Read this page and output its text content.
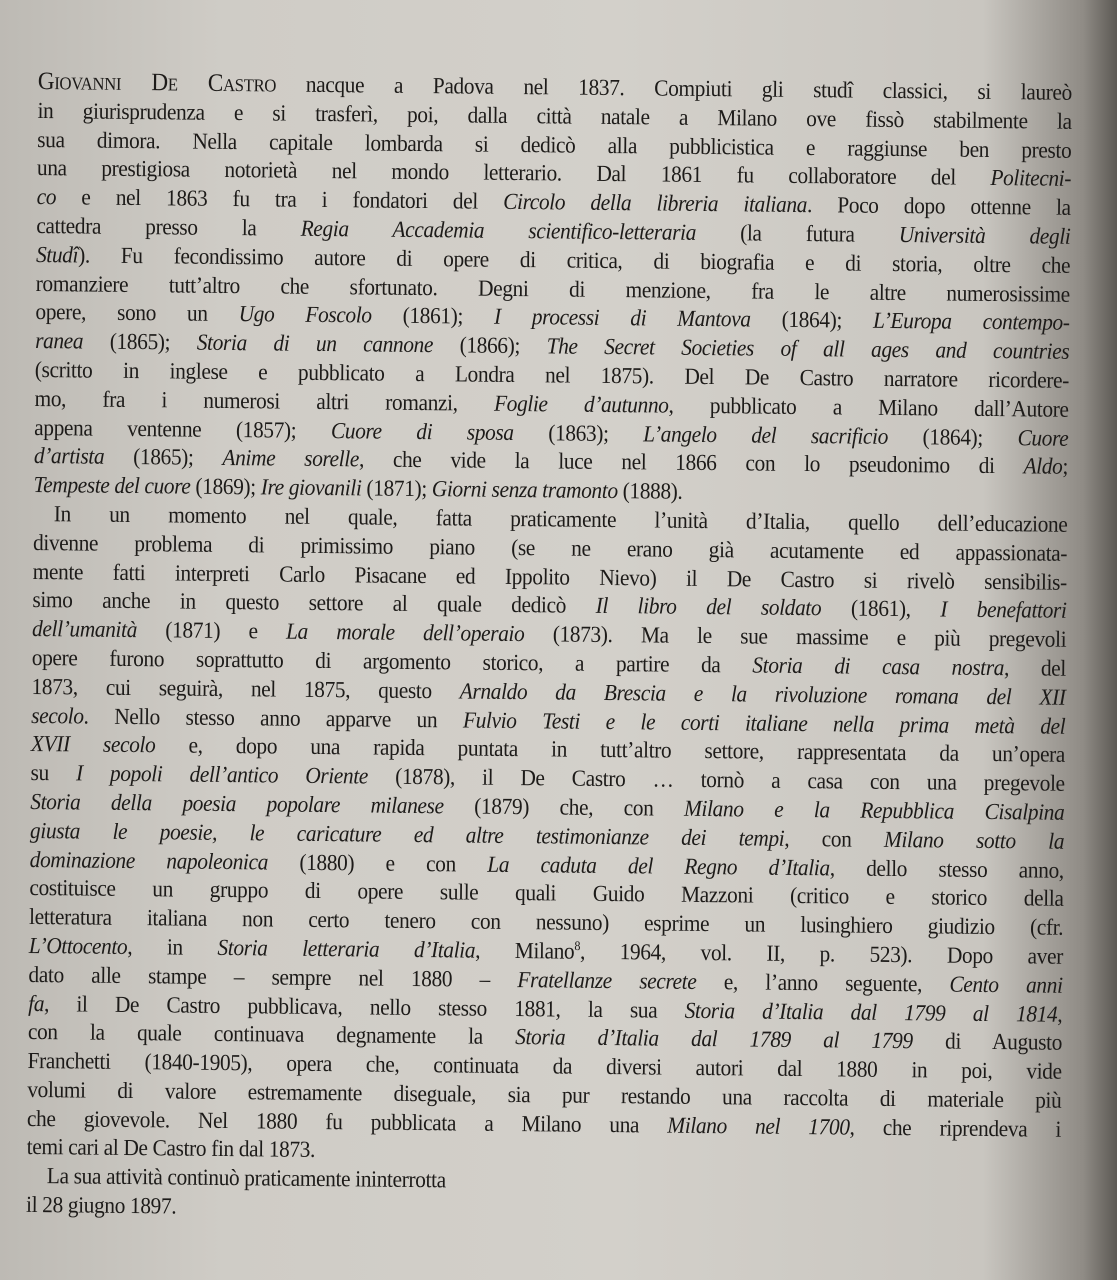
Giovanni De Castro nacque a Padova nel 1837. Compiuti gli studî classici, si laureò
in giurisprudenza e si trasferì, poi, dalla città natale a Milano ove fissò stabilmente la
sua dimora. Nella capitale lombarda si dedicò alla pubblicistica e raggiunse ben presto
una prestigiosa notorietà nel mondo letterario. Dal 1861 fu collaboratore del Politecni-
co e nel 1863 fu tra i fondatori del Circolo della libreria italiana. Poco dopo ottenne la
cattedra presso la Regia Accademia scientifico-letteraria (la futura Università degli
Studî). Fu fecondissimo autore di opere di critica, di biografia e di storia, oltre che
romanziere tutt’altro che sfortunato. Degni di menzione, fra le altre numerosissime
opere, sono un Ugo Foscolo (1861); I processi di Mantova (1864); L’Europa contempo-
ranea (1865); Storia di un cannone (1866); The Secret Societies of all ages and countries
(scritto in inglese e pubblicato a Londra nel 1875). Del De Castro narratore ricordere-
mo, fra i numerosi altri romanzi, Foglie d’autunno, pubblicato a Milano dall’Autore
appena ventenne (1857); Cuore di sposa (1863); L’angelo del sacrificio (1864); Cuore
d’artista (1865); Anime sorelle, che vide la luce nel 1866 con lo pseudonimo di Aldo;
Tempeste del cuore (1869); Ire giovanili (1871); Giorni senza tramonto (1888).
In un momento nel quale, fatta praticamente l’unità d’Italia, quello dell’educazione
divenne problema di primissimo piano (se ne erano già acutamente ed appassionata-
mente fatti interpreti Carlo Pisacane ed Ippolito Nievo) il De Castro si rivelò sensibilis-
simo anche in questo settore al quale dedicò Il libro del soldato (1861), I benefattori
dell’umanità (1871) e La morale dell’operaio (1873). Ma le sue massime e più pregevoli
opere furono soprattutto di argomento storico, a partire da Storia di casa nostra, del
1873, cui seguirà, nel 1875, questo Arnaldo da Brescia e la rivoluzione romana del XII
secolo. Nello stesso anno apparve un Fulvio Testi e le corti italiane nella prima metà del
XVII secolo e, dopo una rapida puntata in tutt’altro settore, rappresentata da un’opera
su I popoli dell’antico Oriente (1878), il De Castro … tornò a casa con una pregevole
Storia della poesia popolare milanese (1879) che, con Milano e la Repubblica Cisalpina
giusta le poesie, le caricature ed altre testimonianze dei tempi, con Milano sotto la
dominazione napoleonica (1880) e con La caduta del Regno d’Italia, dello stesso anno,
costituisce un gruppo di opere sulle quali Guido Mazzoni (critico e storico della
letteratura italiana non certo tenero con nessuno) esprime un lusinghiero giudizio (cfr.
L’Ottocento, in Storia letteraria d’Italia, Milano$^8$, 1964, vol. II, p. 523). Dopo aver
dato alle stampe – sempre nel 1880 – Fratellanze secrete e, l’anno seguente, Cento anni
fa, il De Castro pubblicava, nello stesso 1881, la sua Storia d’Italia dal 1799 al 1814,
con la quale continuava degnamente la Storia d’Italia dal 1789 al 1799 di Augusto
Franchetti (1840-1905), opera che, continuata da diversi autori dal 1880 in poi, vide
volumi di valore estremamente diseguale, sia pur restando una raccolta di materiale più
che giovevole. Nel 1880 fu pubblicata a Milano una Milano nel 1700, che riprendeva i
temi cari al De Castro fin dal 1873.
La sua attività continuò praticamente ininterrotta
il 28 giugno 1897.
